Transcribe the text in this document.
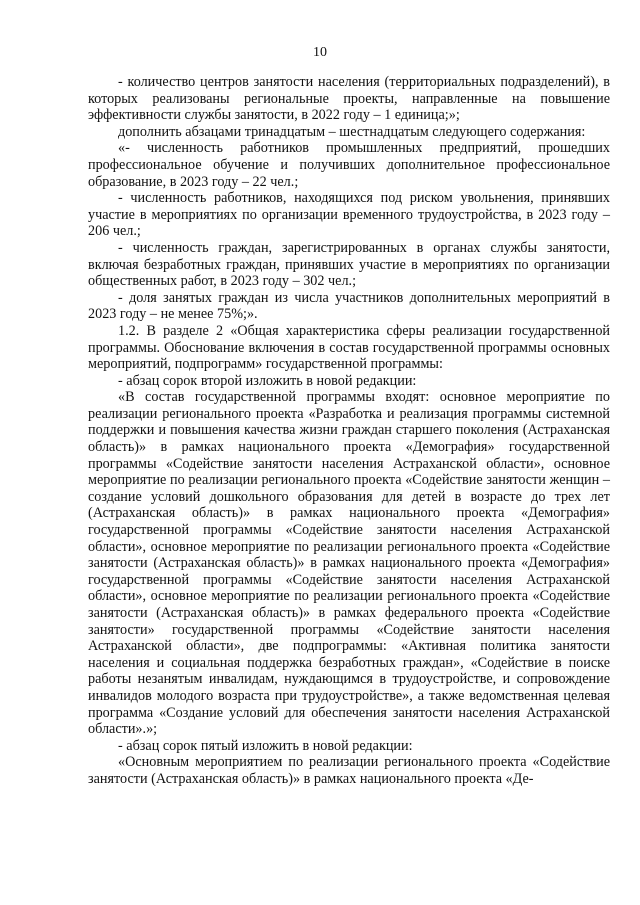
10

- количество центров занятости населения (территориальных подразделений), в которых реализованы региональные проекты, направленные на повышение эффективности службы занятости, в 2022 году – 1 единица;»;

дополнить абзацами тринадцатым – шестнадцатым следующего содержания:

«- численность работников промышленных предприятий, прошедших профессиональное обучение и получивших дополнительное профессиональное образование, в 2023 году – 22 чел.;

- численность работников, находящихся под риском увольнения, принявших участие в мероприятиях по организации временного трудоустройства, в 2023 году – 206 чел.;

- численность граждан, зарегистрированных в органах службы занятости, включая безработных граждан, принявших участие в мероприятиях по организации общественных работ, в 2023 году – 302 чел.;

- доля занятых граждан из числа участников дополнительных мероприятий в 2023 году – не менее 75%;».

1.2. В разделе 2 «Общая характеристика сферы реализации государственной программы. Обоснование включения в состав государственной программы основных мероприятий, подпрограмм» государственной программы:

- абзац сорок второй изложить в новой редакции:

«В состав государственной программы входят: основное мероприятие по реализации регионального проекта «Разработка и реализация программы системной поддержки и повышения качества жизни граждан старшего поколения (Астраханская область)» в рамках национального проекта «Демография» государственной программы «Содействие занятости населения Астраханской области», основное мероприятие по реализации регионального проекта «Содействие занятости женщин – создание условий дошкольного образования для детей в возрасте до трех лет (Астраханская область)» в рамках национального проекта «Демография» государственной программы «Содействие занятости населения Астраханской области», основное мероприятие по реализации регионального проекта «Содействие занятости (Астраханская область)» в рамках национального проекта «Демография» государственной программы «Содействие занятости населения Астраханской области», основное мероприятие по реализации регионального проекта «Содействие занятости (Астраханская область)» в рамках федерального проекта «Содействие занятости» государственной программы «Содействие занятости населения Астраханской области», две подпрограммы: «Активная политика занятости населения и социальная поддержка безработных граждан», «Содействие в поиске работы незанятым инвалидам, нуждающимся в трудоустройстве, и сопровождение инвалидов молодого возраста при трудоустройстве», а также ведомственная целевая программа «Создание условий для обеспечения занятости населения Астраханской области».»;

- абзац сорок пятый изложить в новой редакции:

«Основным мероприятием по реализации регионального проекта «Содействие занятости (Астраханская область)» в рамках национального проекта «Де-
